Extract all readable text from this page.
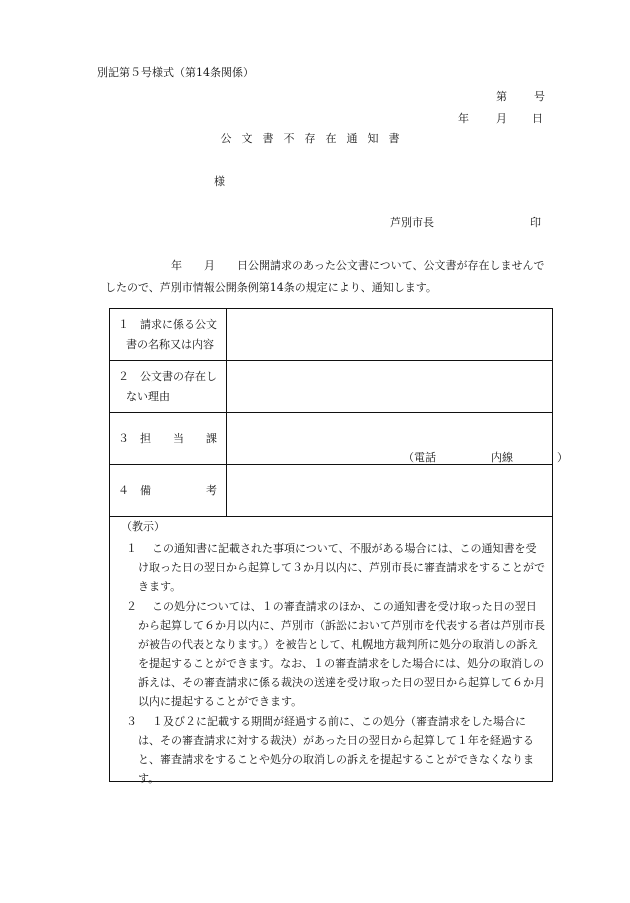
別記第５号様式（第14条関係）
第 号
年 月 日
公文書不存在通知書
様
芦別市長	印
年 月 日公開請求のあった公文書について、公文書が存在しませんで
したので、芦別市情報公開条例第14条の規定により、通知します。
１　請求に係る公文
書の名称又は内容	

２　公文書の存在し
ない理由	

３　担　　当　　課	（電話　　　　　内線　　　　）

４　備　　　　　考	

（教示）
１	この通知書に記載された事項について、不服がある場合には、この通知書を受け取った日の翌日から起算して３か月以内に、芦別市長に審査請求をすることができます。
２	この処分については、１の審査請求のほか、この通知書を受け取った日の翌日から起算して６か月以内に、芦別市（訴訟において芦別市を代表する者は芦別市長が被告の代表となります。）を被告として、札幌地方裁判所に処分の取消しの訴えを提起することができます。なお、１の審査請求をした場合には、処分の取消しの訴えは、その審査請求に係る裁決の送達を受け取った日の翌日から起算して６か月以内に提起することができます。
３	１及び２に記載する期間が経過する前に、この処分（審査請求をした場合には、その審査請求に対する裁決）があった日の翌日から起算して１年を経過すると、審査請求をすることや処分の取消しの訴えを提起することができなくなります。
